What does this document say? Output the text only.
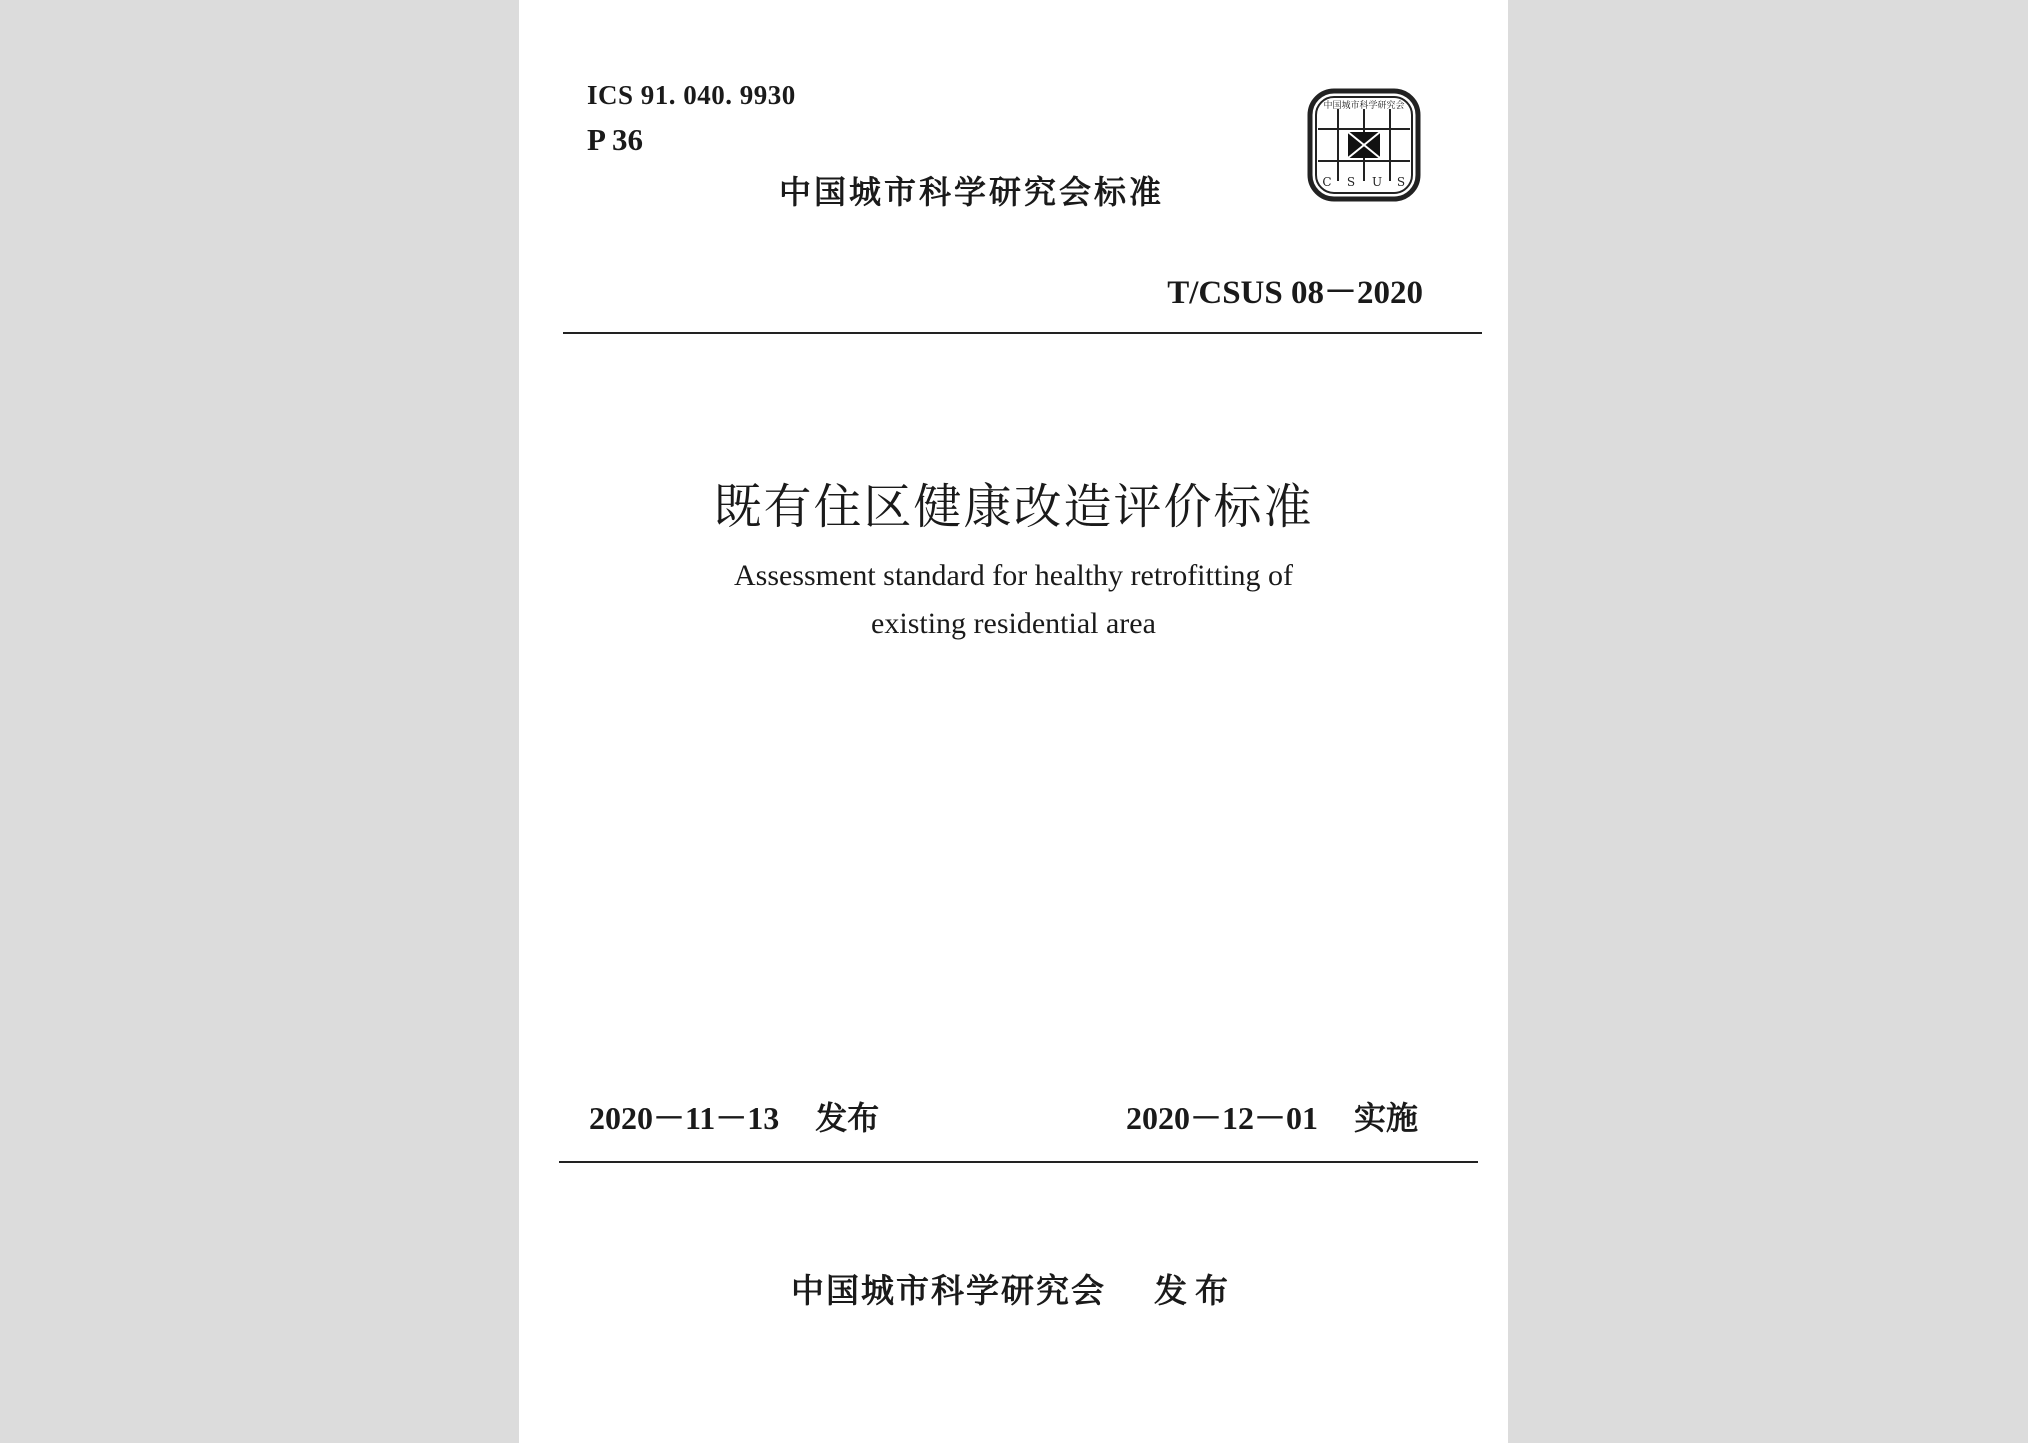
ICS 91. 040. 9930
P 36
中国城市科学研究会标准
中国城市科学研究会
C S U S
T/CSUS 08－2020
既有住区健康改造评价标准
Assessment standard for healthy retrofitting of
existing residential area
2020－11－13 发布	2020－12－01 实施
中国城市科学研究会 发布
